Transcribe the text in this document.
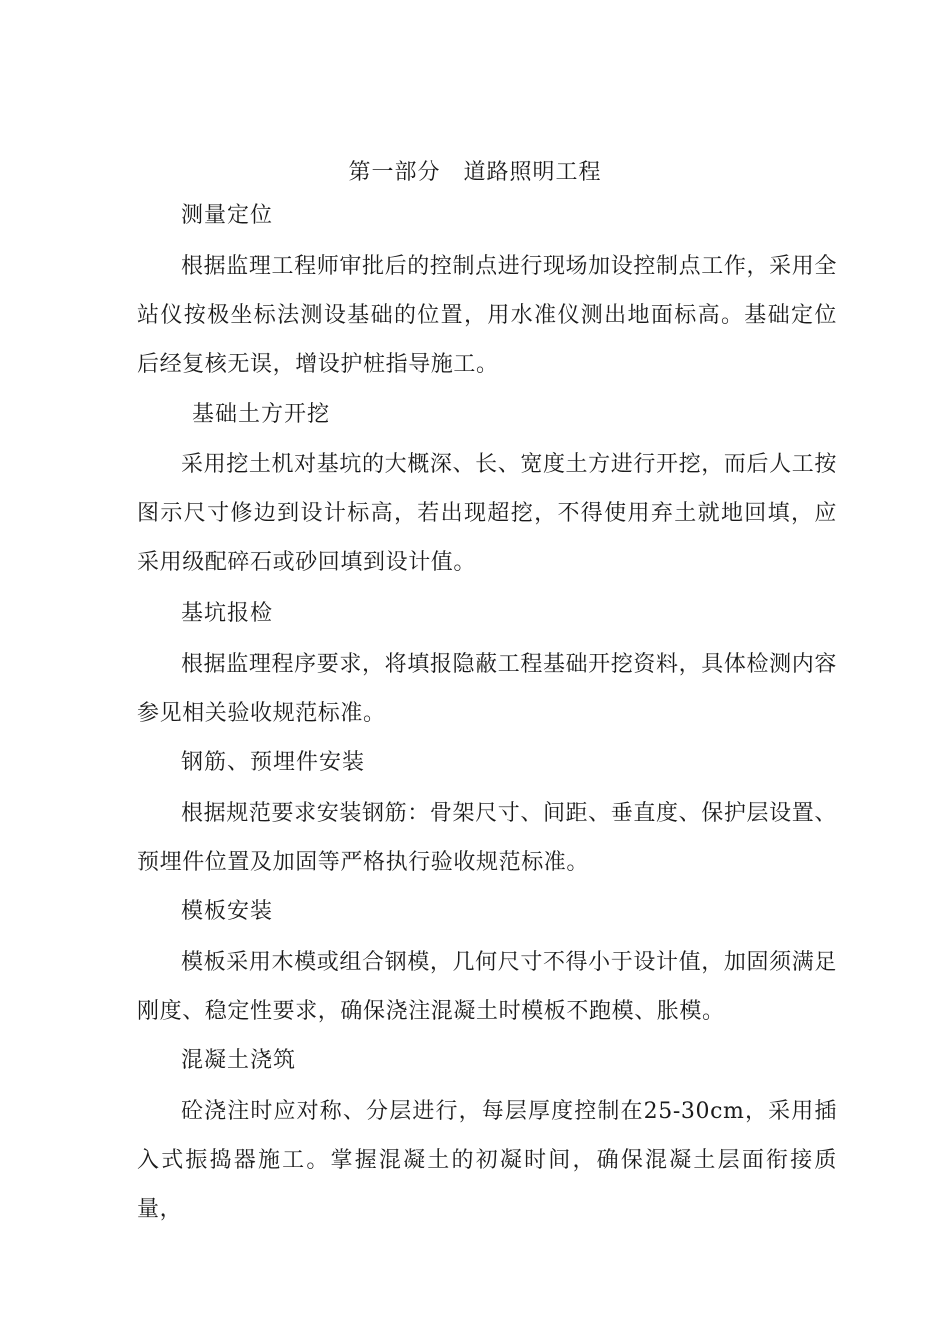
第一部分　道路照明工程
测量定位
根据监理工程师审批后的控制点进行现场加设控制点工作，采用全站仪按极坐标法测设基础的位置，用水准仪测出地面标高。基础定位后经复核无误，增设护桩指导施工。
基础土方开挖
采用挖土机对基坑的大概深、长、宽度土方进行开挖，而后人工按图示尺寸修边到设计标高，若出现超挖，不得使用弃土就地回填，应采用级配碎石或砂回填到设计值。
基坑报检
根据监理程序要求，将填报隐蔽工程基础开挖资料，具体检测内容参见相关验收规范标准。
钢筋、预埋件安装
根据规范要求安装钢筋：骨架尺寸、间距、垂直度、保护层设置、预埋件位置及加固等严格执行验收规范标准。
模板安装
模板采用木模或组合钢模，几何尺寸不得小于设计值，加固须满足刚度、稳定性要求，确保浇注混凝土时模板不跑模、胀模。
混凝土浇筑
砼浇注时应对称、分层进行，每层厚度控制在25-30cm，采用插入式振捣器施工。掌握混凝土的初凝时间，确保混凝土层面衔接质量，
